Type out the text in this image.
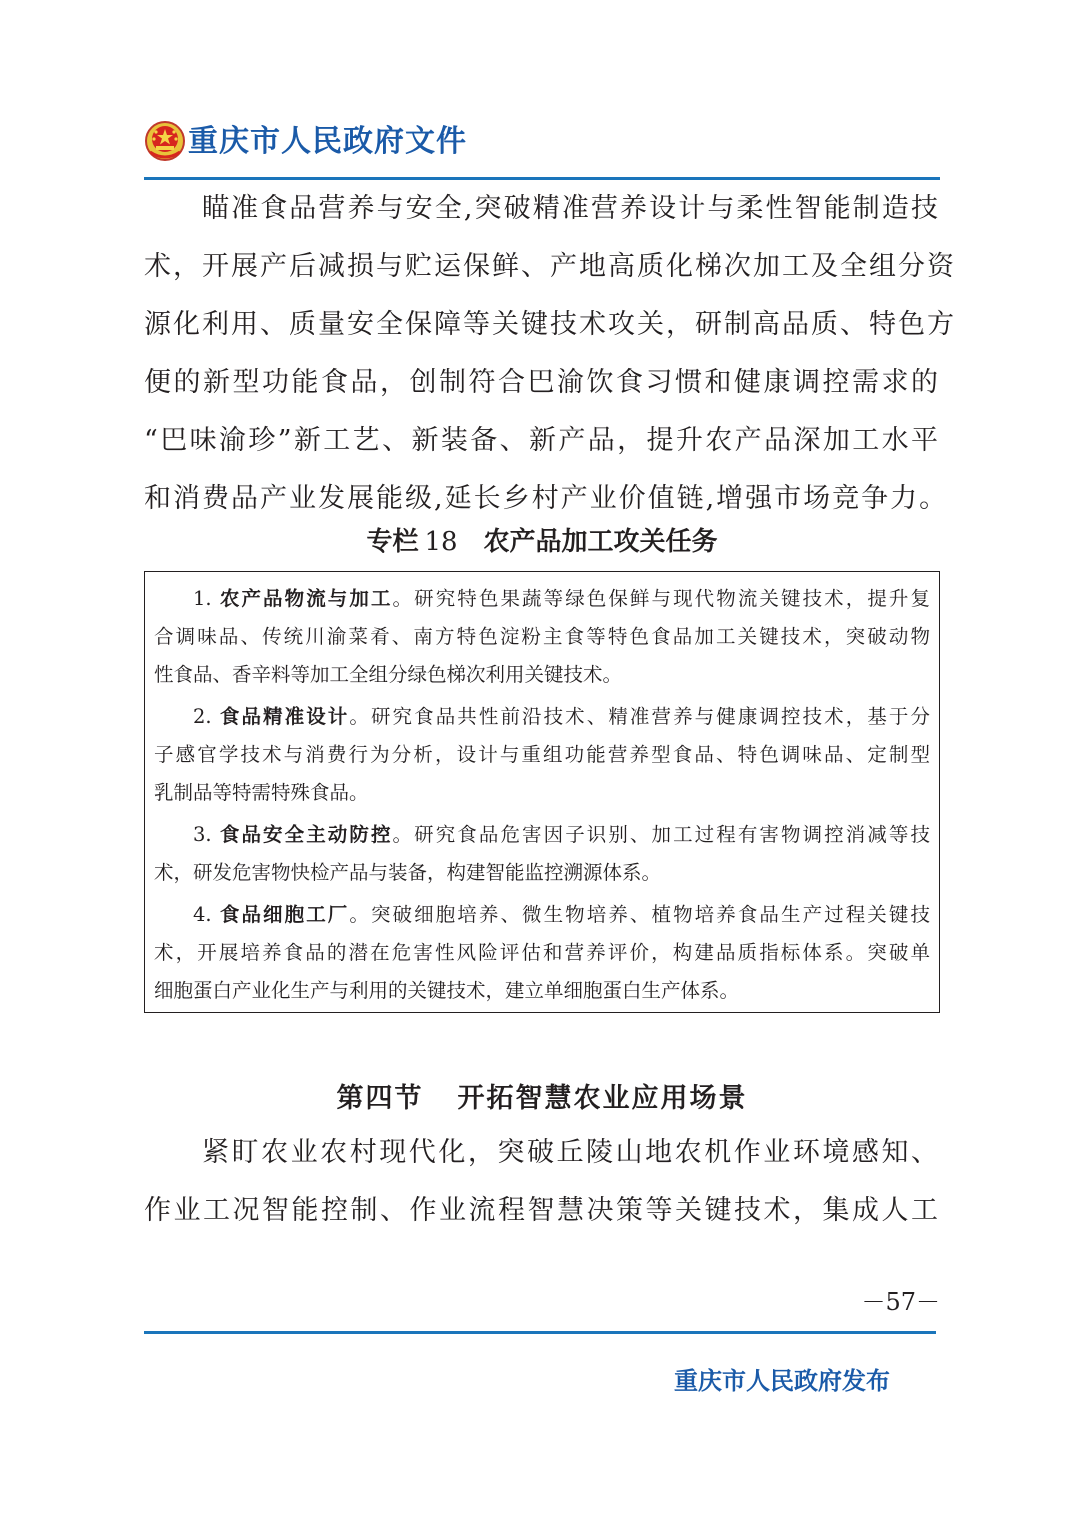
重庆市人民政府文件
瞄准食品营养与安全,突破精准营养设计与柔性智能制造技
术，开展产后减损与贮运保鲜、产地高质化梯次加工及全组分资
源化利用、质量安全保障等关键技术攻关，研制高品质、特色方
便的新型功能食品，创制符合巴渝饮食习惯和健康调控需求的
“巴味渝珍”新工艺、新装备、新产品，提升农产品深加工水平
和消费品产业发展能级,延长乡村产业价值链,增强市场竞争力。
专栏 18 农产品加工攻关任务
1. 农产品物流与加工。研究特色果蔬等绿色保鲜与现代物流关键技术，提升复
合调味品、传统川渝菜肴、南方特色淀粉主食等特色食品加工关键技术，突破动物
性食品、香辛料等加工全组分绿色梯次利用关键技术。
2. 食品精准设计。研究食品共性前沿技术、精准营养与健康调控技术，基于分
子感官学技术与消费行为分析，设计与重组功能营养型食品、特色调味品、定制型
乳制品等特需特殊食品。
3. 食品安全主动防控。研究食品危害因子识别、加工过程有害物调控消减等技
术，研发危害物快检产品与装备，构建智能监控溯源体系。
4. 食品细胞工厂。突破细胞培养、微生物培养、植物培养食品生产过程关键技
术，开展培养食品的潜在危害性风险评估和营养评价，构建品质指标体系。突破单
细胞蛋白产业化生产与利用的关键技术，建立单细胞蛋白生产体系。
第四节 开拓智慧农业应用场景
紧盯农业农村现代化，突破丘陵山地农机作业环境感知、
作业工况智能控制、作业流程智慧决策等关键技术，集成人工
－57－
重庆市人民政府发布
